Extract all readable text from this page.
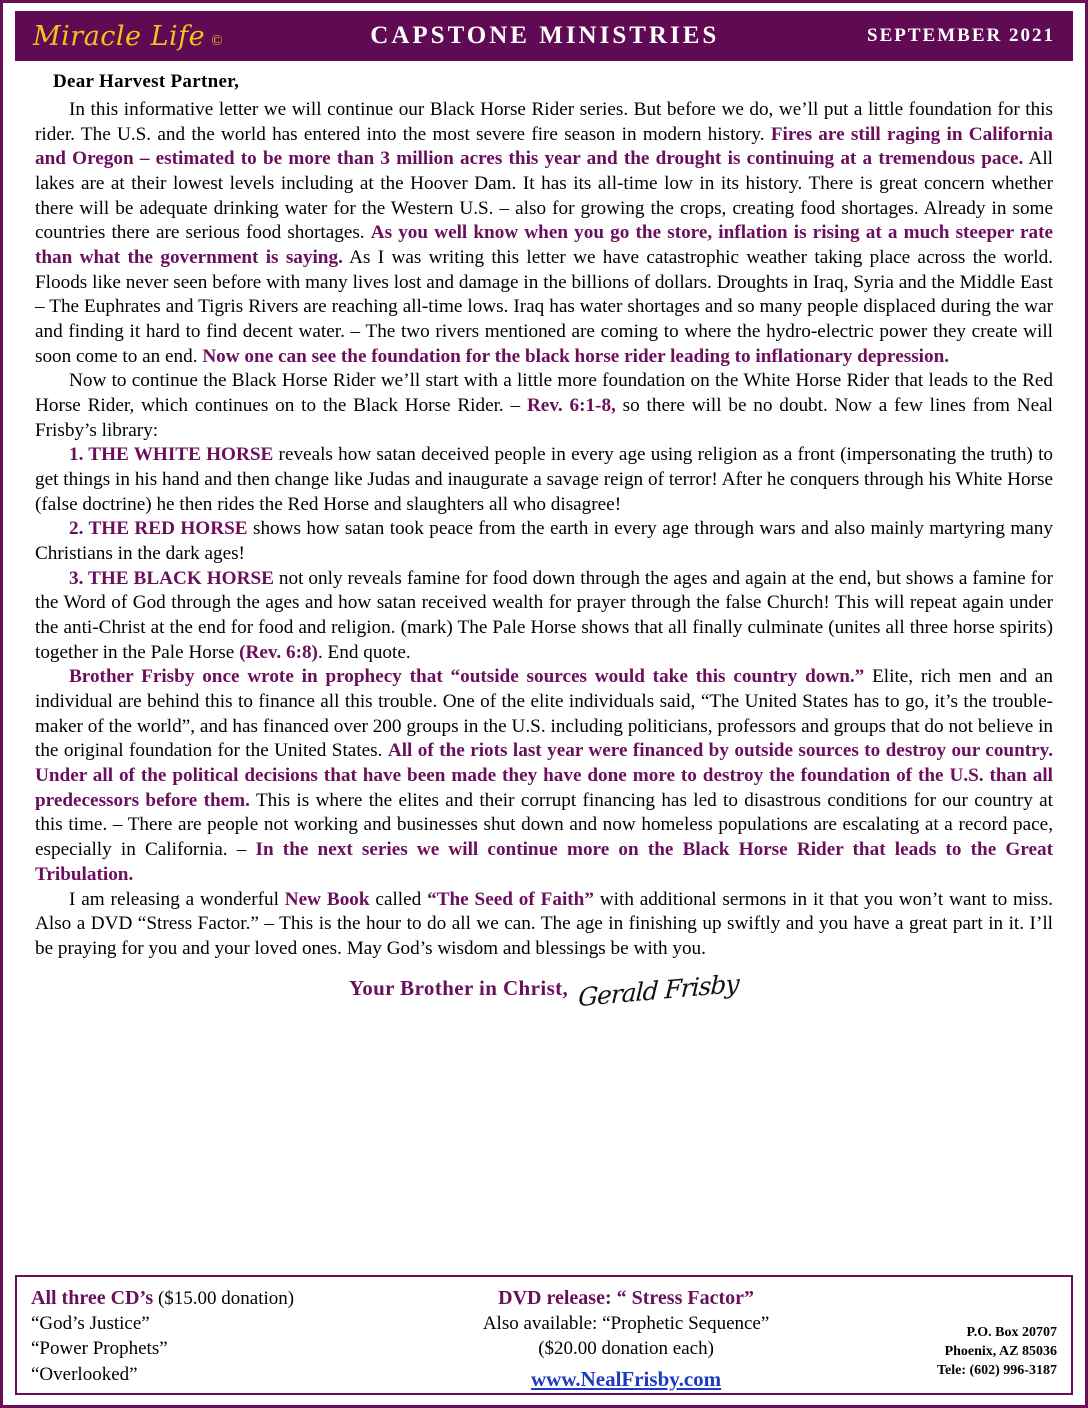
Miracle Life ©	CAPSTONE MINISTRIES	SEPTEMBER 2021
Dear Harvest Partner,

In this informative letter we will continue our Black Horse Rider series. But before we do, we’ll put a little foundation for this rider. The U.S. and the world has entered into the most severe fire season in modern history. Fires are still raging in California and Oregon – estimated to be more than 3 million acres this year and the drought is continuing at a tremendous pace. All lakes are at their lowest levels including at the Hoover Dam. It has its all-time low in its history. There is great concern whether there will be adequate drinking water for the Western U.S. – also for growing the crops, creating food shortages. Already in some countries there are serious food shortages. As you well know when you go the store, inflation is rising at a much steeper rate than what the government is saying. As I was writing this letter we have catastrophic weather taking place across the world. Floods like never seen before with many lives lost and damage in the billions of dollars. Droughts in Iraq, Syria and the Middle East – The Euphrates and Tigris Rivers are reaching all-time lows. Iraq has water shortages and so many people displaced during the war and finding it hard to find decent water. – The two rivers mentioned are coming to where the hydro-electric power they create will soon come to an end. Now one can see the foundation for the black horse rider leading to inflationary depression.

Now to continue the Black Horse Rider we’ll start with a little more foundation on the White Horse Rider that leads to the Red Horse Rider, which continues on to the Black Horse Rider. – Rev. 6:1-8, so there will be no doubt. Now a few lines from Neal Frisby’s library:

1. THE WHITE HORSE reveals how satan deceived people in every age using religion as a front (impersonating the truth) to get things in his hand and then change like Judas and inaugurate a savage reign of terror! After he conquers through his White Horse (false doctrine) he then rides the Red Horse and slaughters all who disagree!

2. THE RED HORSE shows how satan took peace from the earth in every age through wars and also mainly martyring many Christians in the dark ages!

3. THE BLACK HORSE not only reveals famine for food down through the ages and again at the end, but shows a famine for the Word of God through the ages and how satan received wealth for prayer through the false Church! This will repeat again under the anti-Christ at the end for food and religion. (mark) The Pale Horse shows that all finally culminate (unites all three horse spirits) together in the Pale Horse (Rev. 6:8). End quote.

Brother Frisby once wrote in prophecy that “outside sources would take this country down.” Elite, rich men and an individual are behind this to finance all this trouble. One of the elite individuals said, “The United States has to go, it’s the trouble-maker of the world”, and has financed over 200 groups in the U.S. including politicians, professors and groups that do not believe in the original foundation for the United States. All of the riots last year were financed by outside sources to destroy our country. Under all of the political decisions that have been made they have done more to destroy the foundation of the U.S. than all predecessors before them. This is where the elites and their corrupt financing has led to disastrous conditions for our country at this time. – There are people not working and businesses shut down and now homeless populations are escalating at a record pace, especially in California. – In the next series we will continue more on the Black Horse Rider that leads to the Great Tribulation.

I am releasing a wonderful New Book called “The Seed of Faith” with additional sermons in it that you won’t want to miss. Also a DVD “Stress Factor.” – This is the hour to do all we can. The age in finishing up swiftly and you have a great part in it. I’ll be praying for you and your loved ones. May God’s wisdom and blessings be with you.

Your Brother in Christ, Gerald Frisby
All three CD’s ($15.00 donation)
“God’s Justice”
“Power Prophets”
“Overlooked”
DVD release: “ Stress Factor”
Also available: “Prophetic Sequence”
($20.00 donation each)
www.NealFrisby.com
P.O. Box 20707
Phoenix, AZ 85036
Tele: (602) 996-3187
